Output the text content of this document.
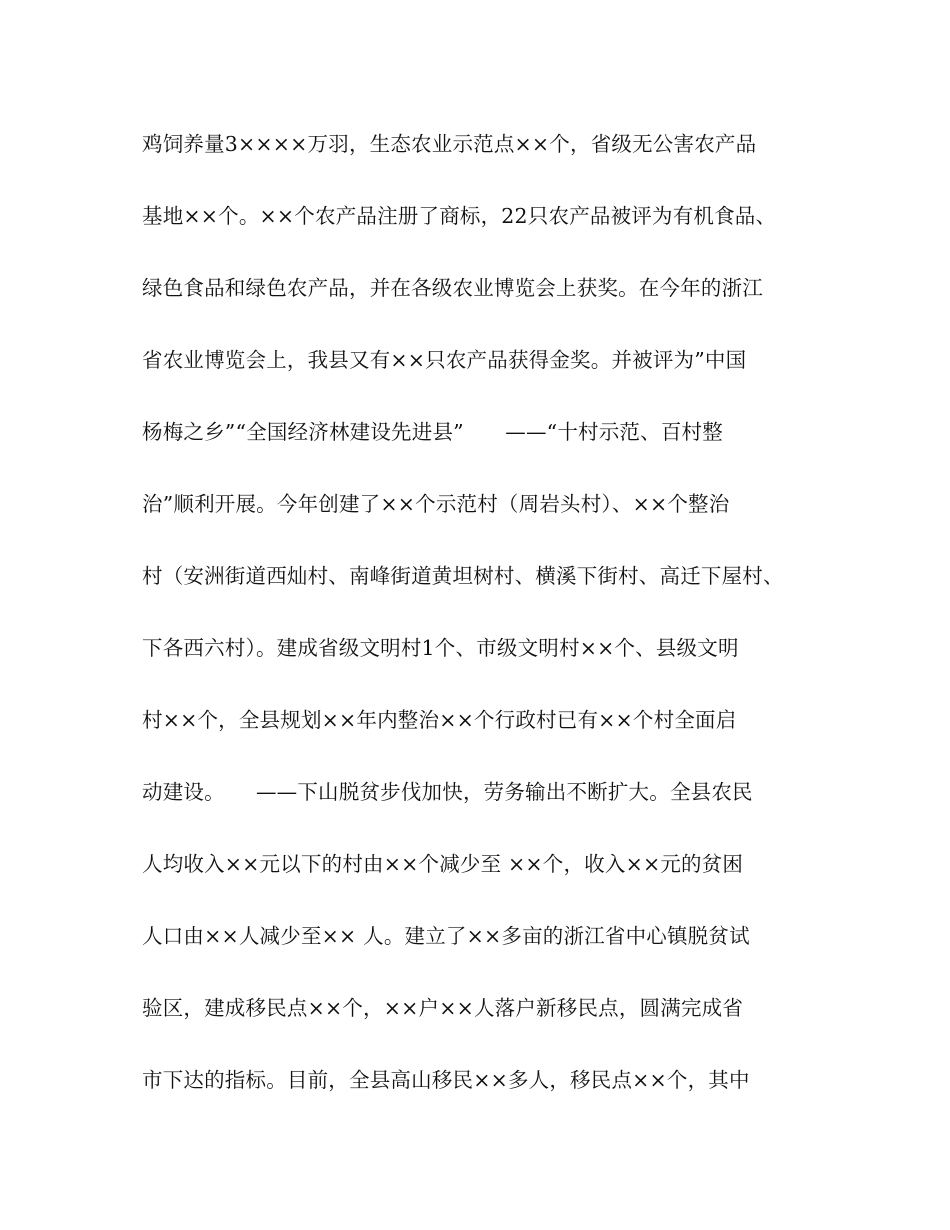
鸡饲养量3××××万羽，生态农业示范点××个，省级无公害农产品
基地××个。××个农产品注册了商标，22只农产品被评为有机食品、
绿色食品和绿色农产品，并在各级农业博览会上获奖。在今年的浙江
省农业博览会上，我县又有××只农产品获得金奖。并被评为”中国
杨梅之乡”“全国经济林建设先进县”　　——“十村示范、百村整
治”顺利开展。今年创建了××个示范村（周岩头村）、××个整治
村（安洲街道西灿村、南峰街道黄坦树村、横溪下街村、高迁下屋村、
下各西六村）。建成省级文明村1个、市级文明村××个、县级文明
村××个，全县规划××年内整治××个行政村已有××个村全面启
动建设。　　——下山脱贫步伐加快，劳务输出不断扩大。全县农民
人均收入××元以下的村由××个减少至 ××个，收入××元的贫困
人口由××人减少至×× 人。建立了××多亩的浙江省中心镇脱贫试
验区，建成移民点××个，××户××人落户新移民点，圆满完成省
市下达的指标。目前，全县高山移民××多人，移民点××个，其中
